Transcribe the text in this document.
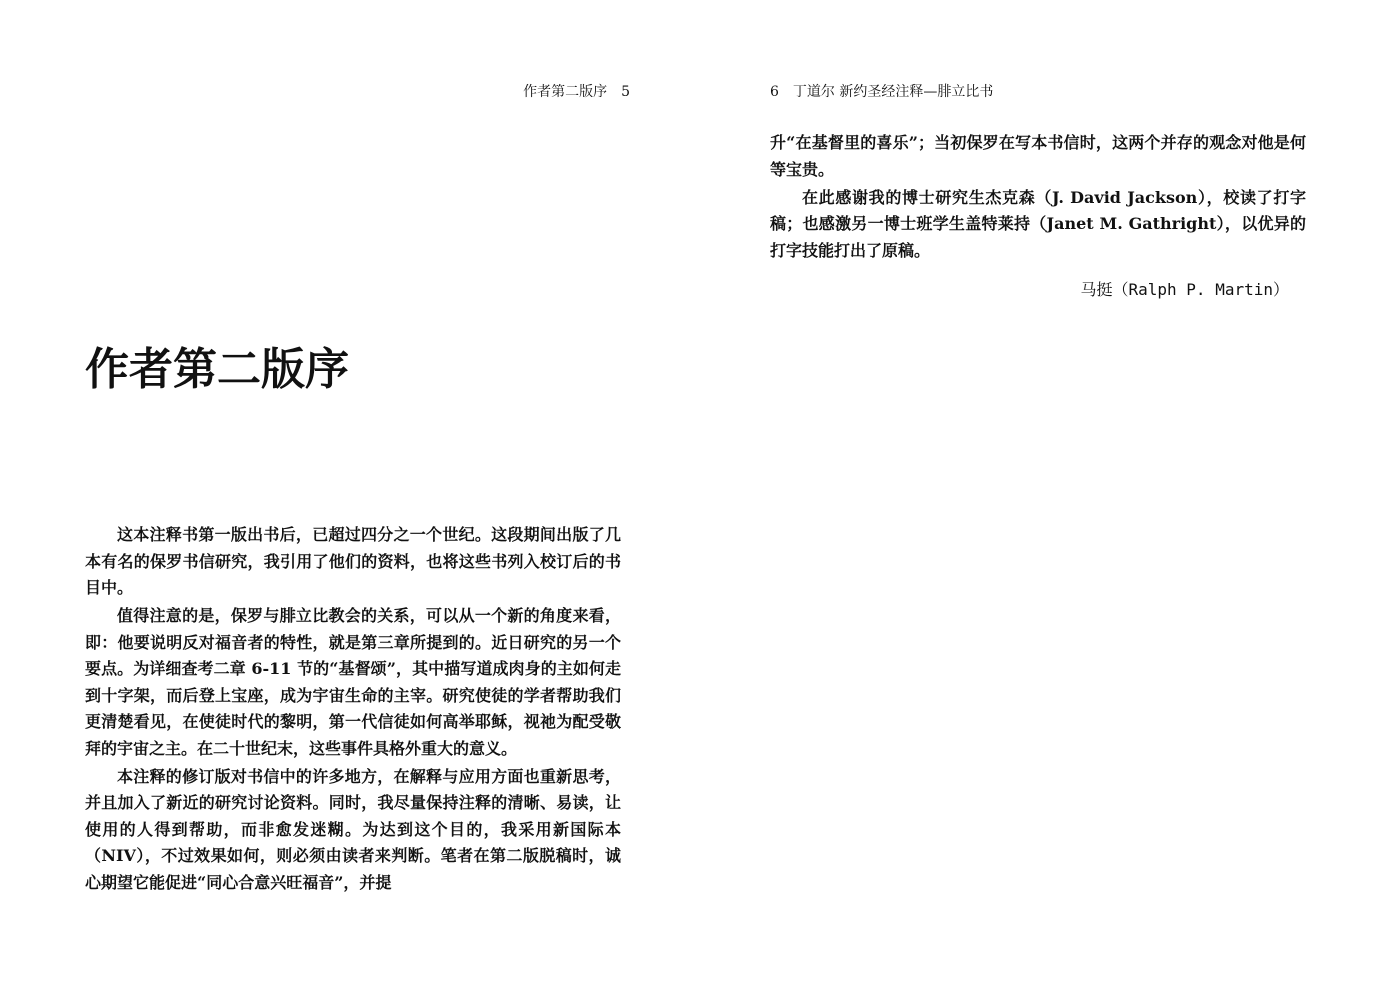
作者第二版序 5
作者第二版序

这本注释书第一版出书后，已超过四分之一个世纪。这段期间出版了几本有名的保罗书信研究，我引用了他们的资料，也将这些书列入校订后的书目中。

值得注意的是，保罗与腓立比教会的关系，可以从一个新的角度来看，即：他要说明反对福音者的特性，就是第三章所提到的。近日研究的另一个要点。为详细查考二章 6-11 节的“基督颂”，其中描写道成肉身的主如何走到十字架，而后登上宝座，成为宇宙生命的主宰。研究使徒的学者帮助我们更清楚看见，在使徒时代的黎明，第一代信徒如何高举耶稣，视祂为配受敬拜的宇宙之主。在二十世纪末，这些事件具格外重大的意义。

本注释的修订版对书信中的许多地方，在解释与应用方面也重新思考，并且加入了新近的研究讨论资料。同时，我尽量保持注释的清晰、易读，让使用的人得到帮助，而非愈发迷糊。为达到这个目的，我采用新国际本（NIV），不过效果如何，则必须由读者来判断。笔者在第二版脱稿时，诚心期望它能促进“同心合意兴旺福音”，并提

6 丁道尔 新约圣经注释—腓立比书

升“在基督里的喜乐”；当初保罗在写本书信时，这两个并存的观念对他是何等宝贵。

在此感谢我的博士研究生杰克森（J. David Jackson），校读了打字稿；也感激另一博士班学生盖特莱持（Janet M. Gathright），以优异的打字技能打出了原稿。

马挺（Ralph P. Martin）
